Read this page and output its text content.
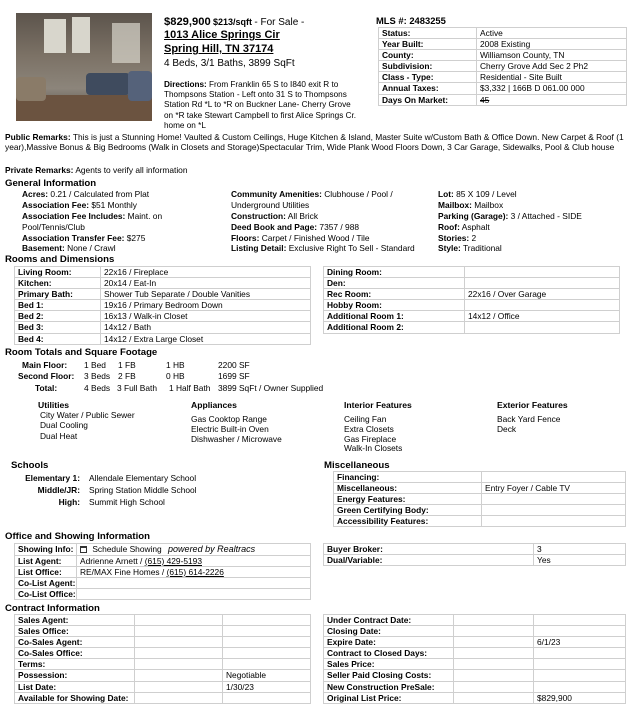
$829,900 $213/sqft - For Sale -
1013 Alice Springs Cir
Spring Hill, TN 37174
4 Beds, 3/1 Baths, 3899 SqFt
Directions: From Franklin 65 S to I840 exit R to Thompsons Station - Left onto 31 S to Thompsons Station Rd *L to *R on Buckner Lane- Cherry Grove on *R take Stewart Campbell to first Alice Springs Cr. home on *L
MLS #: 2483255
Status:	Active
Year Built:	2008 Existing
County:	Williamson County, TN
Subdivision:	Cherry Grove Add Sec 2 Ph2
Class - Type:	Residential - Site Built
Annual Taxes:	$3,332 | 166B D 061.00 000
Days On Market:	45
Public Remarks: This is just a Stunning Home! Vaulted & Custom Ceilings, Huge Kitchen & Island, Master Suite w/Custom Bath & Office Down. New Carpet & Roof (1 year),Massive Bonus & Big Bedrooms (Walk in Closets and Storage)Spectacular Trim, Wide Plank Wood Floors Down, 3 Car Garage, Sidewalks, Pool & Club house
Private Remarks: Agents to verify all information
General Information
Acres: 0.21 / Calculated from Plat
Association Fee: $51 Monthly
Association Fee Includes: Maint. on
Pool/Tennis/Club
Association Transfer Fee: $275
Basement: None / Crawl
Community Amenities: Clubhouse / Pool /
Underground Utilities
Construction: All Brick
Deed Book and Page: 7357 / 988
Floors: Carpet / Finished Wood / Tile
Listing Detail: Exclusive Right To Sell - Standard
Lot: 85 X 109 / Level
Mailbox: Mailbox
Parking (Garage): 3 / Attached - SIDE
Roof: Asphalt
Stories: 2
Style: Traditional
Rooms and Dimensions
Living Room:	22x16 / Fireplace
Kitchen:	20x14 / Eat-In
Primary Bath:	Shower Tub Separate / Double Vanities
Bed 1:	19x16 / Primary Bedroom Down
Bed 2:	16x13 / Walk-in Closet
Bed 3:	14x12 / Bath
Bed 4:	14x12 / Extra Large Closet
Dining Room:	
Den:	
Rec Room:	22x16 / Over Garage
Hobby Room:	
Additional Room 1:	14x12 / Office
Additional Room 2:	
Room Totals and Square Footage
Main Floor: 1 Bed 1 FB	1 HB	2200 SF
Second Floor: 3 Beds 2 FB	0 HB	1699 SF
Total:	4 Beds 3 Full Bath 1 Half Bath 3899 SqFt / Owner Supplied
Utilities
City Water / Public Sewer
Dual Cooling
Dual Heat
Appliances
Gas Cooktop Range
Electric Built-in Oven
Dishwasher / Microwave
Interior Features
Ceiling Fan
Extra Closets
Gas Fireplace
Walk-In Closets
Exterior Features
Back Yard Fence
Deck
Schools
Elementary 1: Allendale Elementary School
Middle/JR: Spring Station Middle School
High: Summit High School
Miscellaneous
Financing:	
Miscellaneous:	Entry Foyer / Cable TV
Energy Features:	
Green Certifying Body:	
Accessibility Features:	
Office and Showing Information
Showing Info:	Schedule Showing powered by Realtracs
List Agent:	Adrienne Arnett / (615) 429-5193
List Office:	RE/MAX Fine Homes / (615) 614-2226
Co-List Agent:	
Co-List Office:	
Buyer Broker:	3
Dual/Variable:	Yes
Contract Information
Sales Agent:		
Sales Office:		
Co-Sales Agent:		
Co-Sales Office:		
Terms:		
Possession:		Negotiable
List Date:		1/30/23
Available for Showing Date:		
Under Contract Date:		
Closing Date:		
Expire Date:		6/1/23
Contract to Closed Days:		
Sales Price:		
Seller Paid Closing Costs:		
New Construction PreSale:		
Original List Price:		$829,900
